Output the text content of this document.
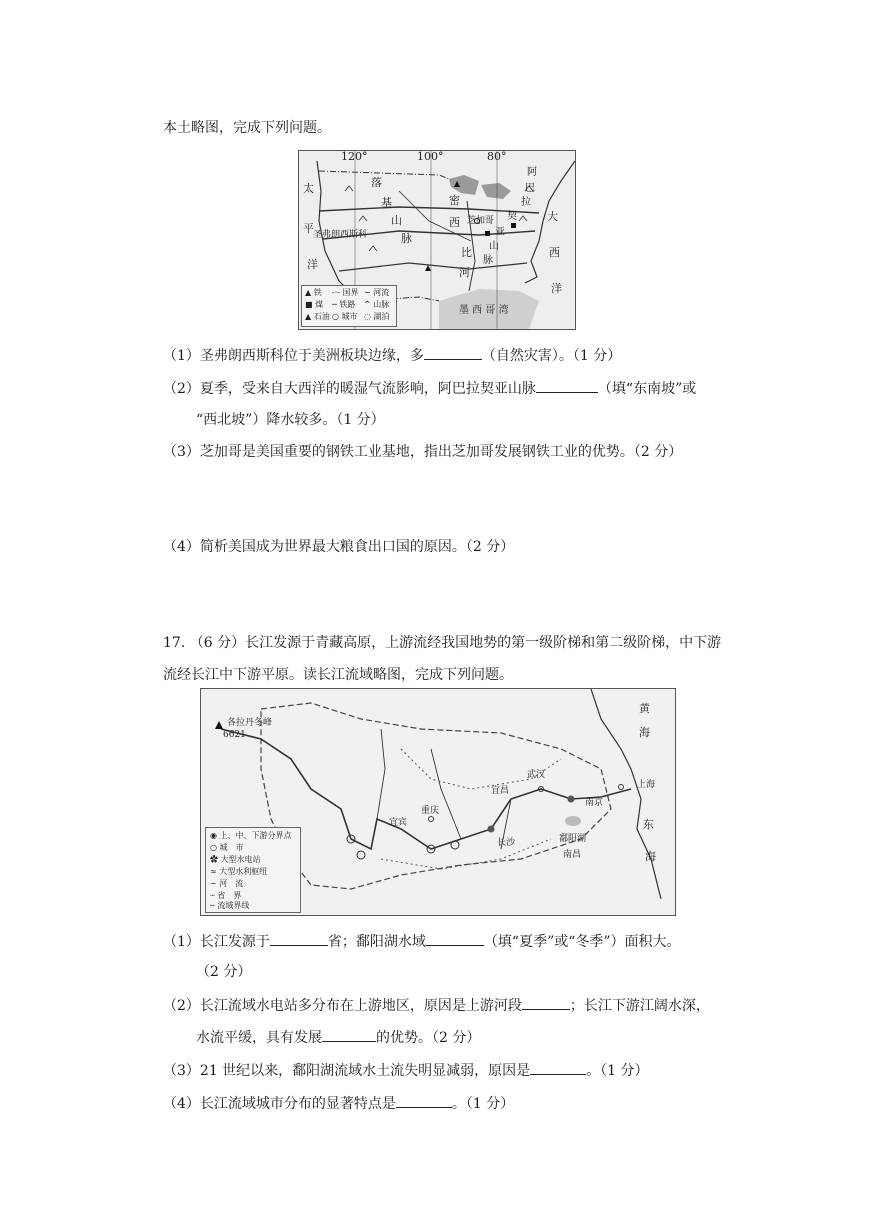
本土略图，完成下列问题。
120°	100°	80°
太
平
洋
落
基
山
脉
圣弗朗西斯科
密
西 芝加哥
阿
巴
拉
契
亚
山
脉
比
河
大
西
洋
墨 西 哥 湾
▲ 铁
■ 煤
▲ 石油
-·- 国界
─ 铁路
○ 城市
~ 河流
^ 山脉
◌ 湖泊
（1）圣弗朗西斯科位于美洲板块边缘，多	（自然灾害）。（1 分）
（2）夏季，受来自大西洋的暖湿气流影响，阿巴拉契亚山脉	（填“东南坡”或
“西北坡”）降水较多。（1 分）
（3）芝加哥是美国重要的钢铁工业基地，指出芝加哥发展钢铁工业的优势。（2 分）
（4）简析美国成为世界最大粮食出口国的原因。（2 分）
17. （6 分）长江发源于青藏高原，上游流经我国地势的第一级阶梯和第二级阶梯，中下游
流经长江中下游平原。读长江流域略图，完成下列问题。
各拉丹冬峰
6621
黄
海
上海
东
海
武汉
宜昌
重庆
长沙	鄱阳湖
南昌
南京
宜宾
◉ 上、中、下游分界点
○ 城　市
✿ 大型水电站
≈ 大型水利枢纽
∼ 河　流
┄ 省　界
╌ 流域界线
（1）长江发源于	省；鄱阳湖水域	（填“夏季”或“冬季”）面积大。
（2 分）
（2）长江流域水电站多分布在上游地区，原因是上游河段	；长江下游江阔水深，
水流平缓，具有发展	的优势。（2 分）
（3）21 世纪以来，鄱阳湖流域水土流失明显减弱，原因是	。（1 分）
（4）长江流域城市分布的显著特点是	。（1 分）
